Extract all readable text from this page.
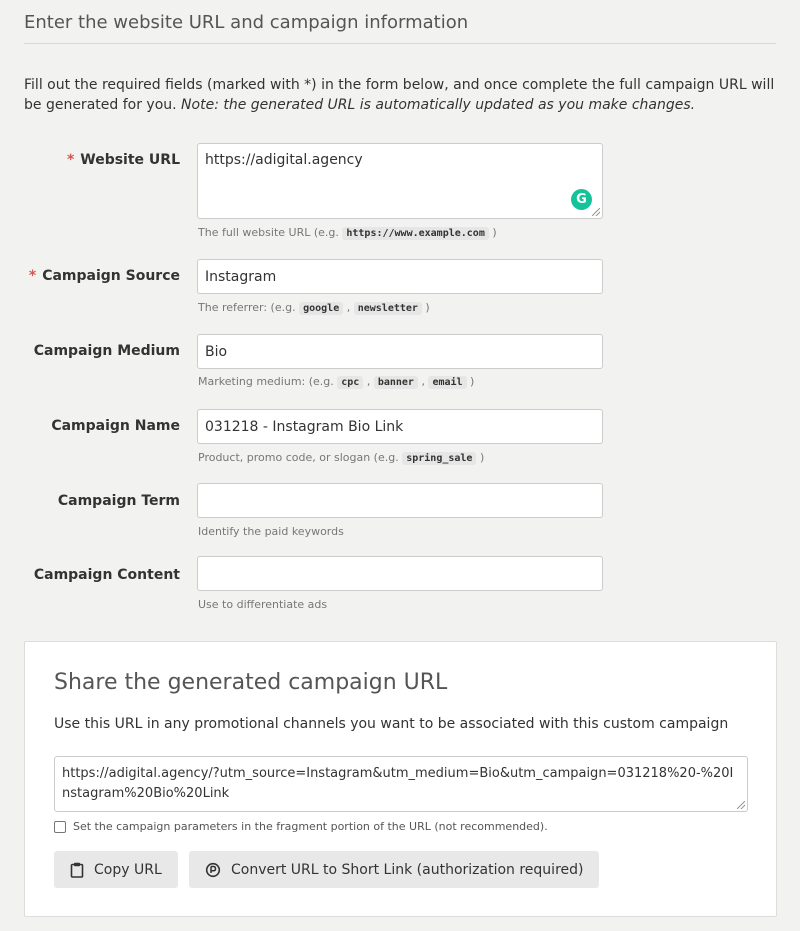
Enter the website URL and campaign information
Fill out the required fields (marked with *) in the form below, and once complete the full campaign URL will be generated for you. Note: the generated URL is automatically updated as you make changes.
* Website URL https://adigital.agency
G
The full website URL (e.g. https://www.example.com )
* Campaign Source Instagram
The referrer: (e.g. google , newsletter )
Campaign Medium Bio
Marketing medium: (e.g. cpc , banner , email )
Campaign Name 031218 - Instagram Bio Link
Product, promo code, or slogan (e.g. spring_sale )
Campaign Term
Identify the paid keywords
Campaign Content
Use to differentiate ads
Share the generated campaign URL
Use this URL in any promotional channels you want to be associated with this custom campaign
https://adigital.agency/?utm_source=Instagram&utm_medium=Bio&utm_campaign=031218%20-%20Instagram%20Bio%20Link
Set the campaign parameters in the fragment portion of the URL (not recommended).
Copy URL	Convert URL to Short Link (authorization required)
